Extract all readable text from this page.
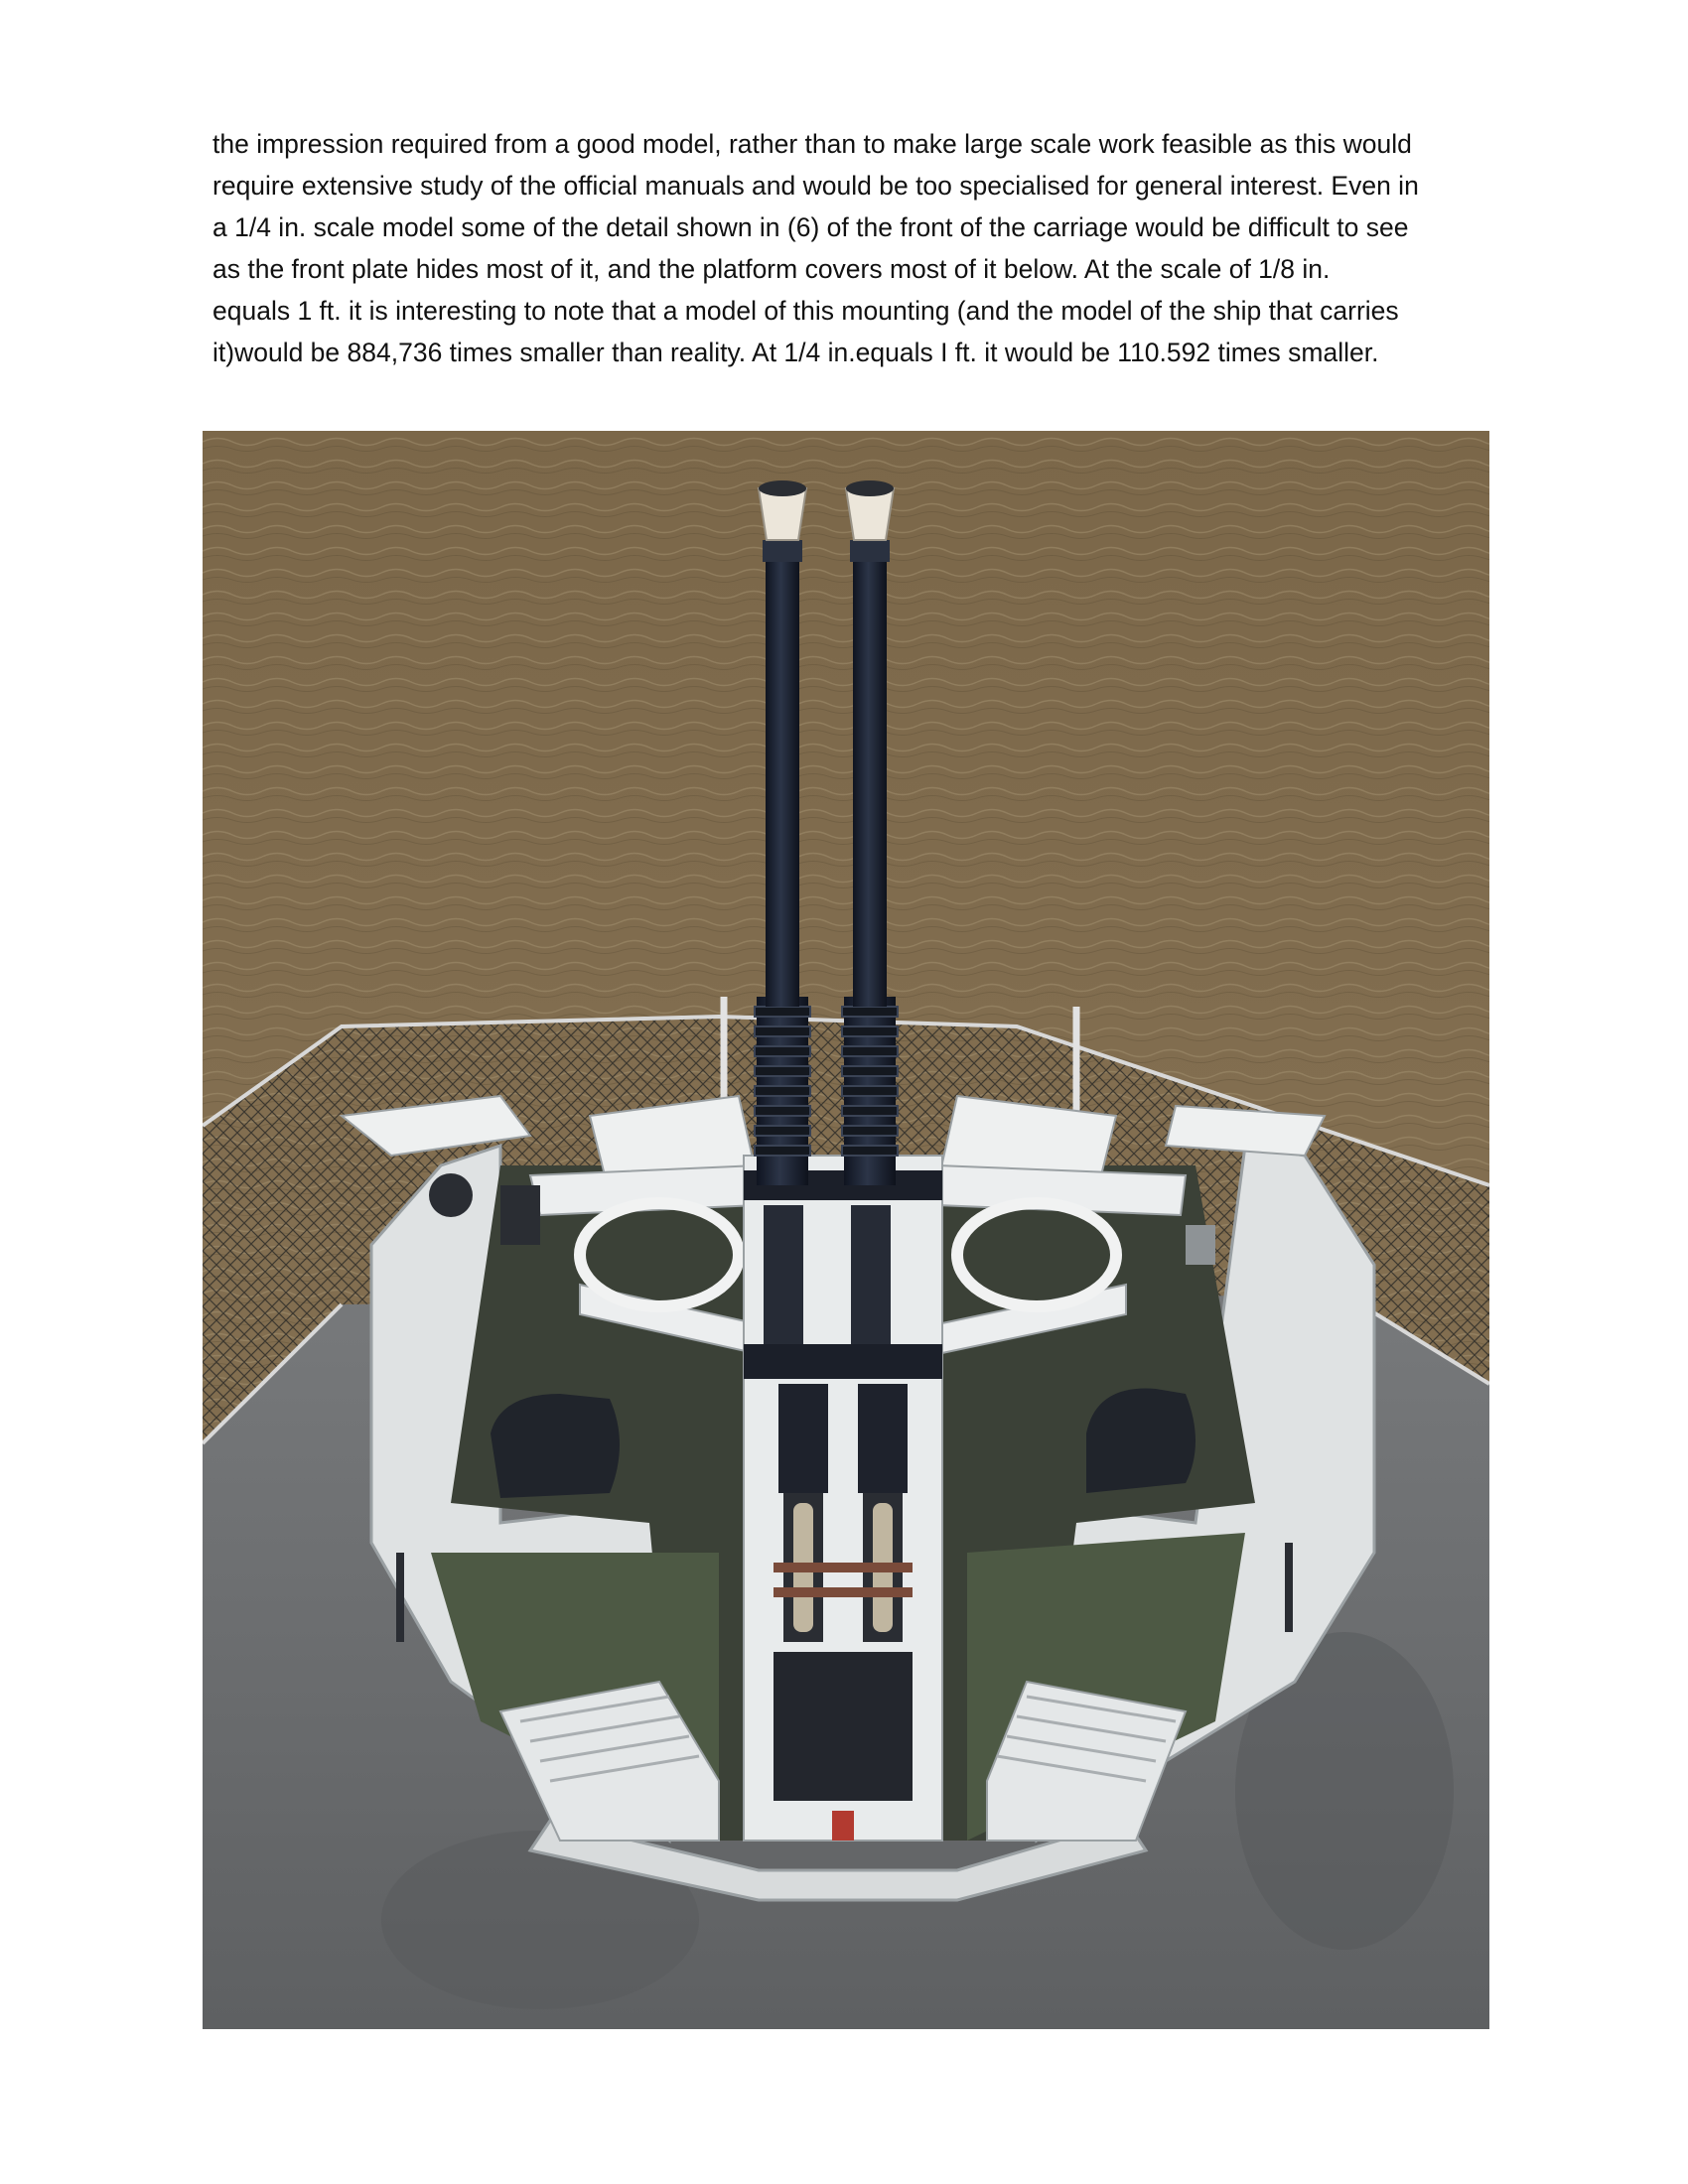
the impression required from a good model, rather than to make large scale work feasible as this would
require extensive study of the official manuals and would be too specialised for general interest. Even in
a 1/4 in. scale model some of the detail shown in (6) of the front of the carriage would be difficult to see
as the front plate hides most of it, and the platform covers most of it below. At the scale of 1/8 in.
equals 1 ft. it is interesting to note that a model of this mounting (and the model of the ship that carries
it)would be 884,736 times smaller than reality. At 1/4 in.equals I ft. it would be 110.592 times smaller.
